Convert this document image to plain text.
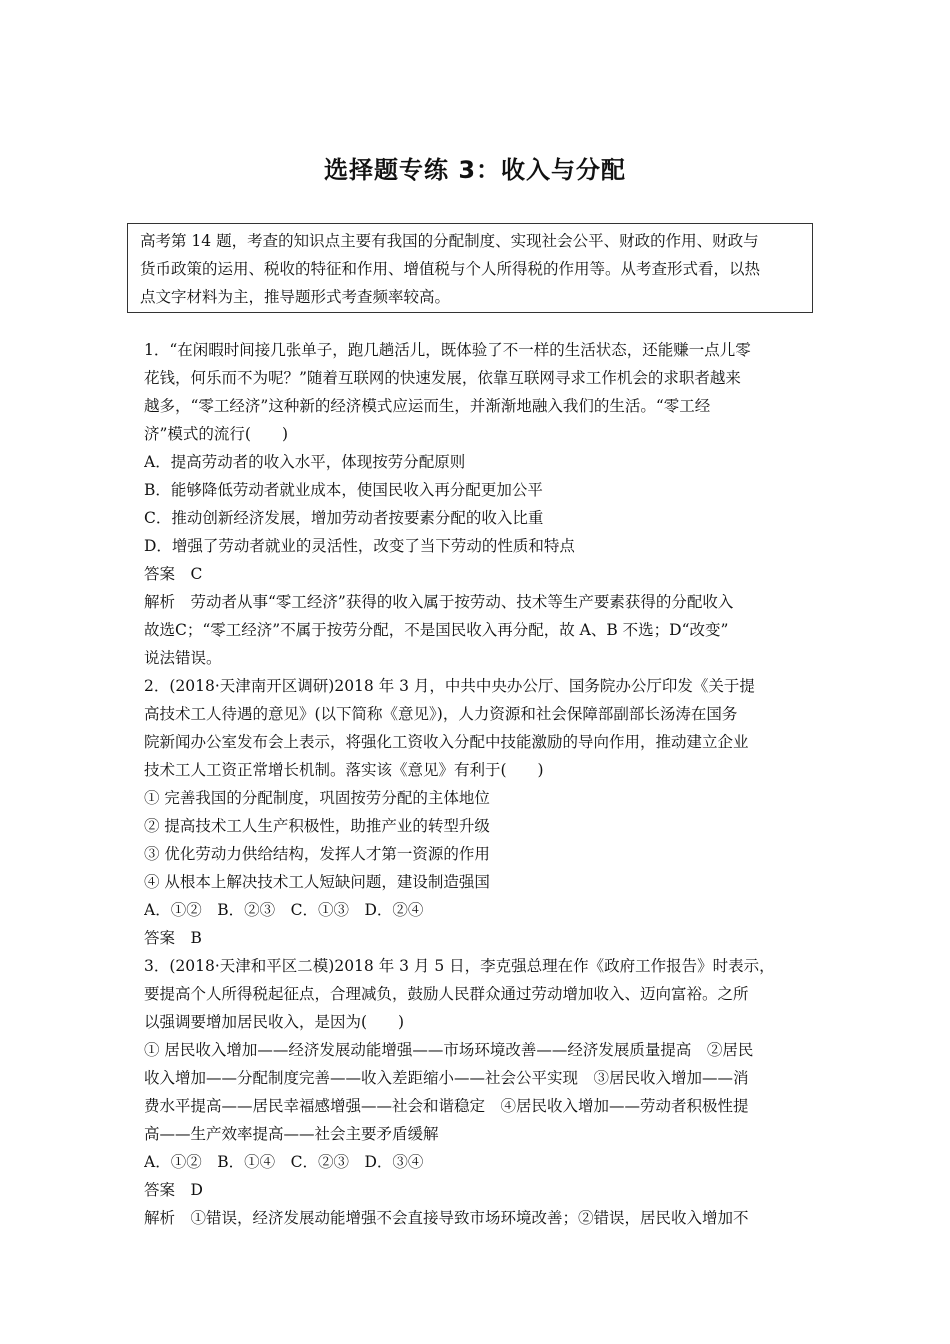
选择题专练 3：收入与分配
高考第 14 题，考查的知识点主要有我国的分配制度、实现社会公平、财政的作用、财政与
货币政策的运用、税收的特征和作用、增值税与个人所得税的作用等。从考查形式看，以热
点文字材料为主，推导题形式考查频率较高。
1．“在闲暇时间接几张单子，跑几趟活儿，既体验了不一样的生活状态，还能赚一点儿零
花钱，何乐而不为呢？”随着互联网的快速发展，依靠互联网寻求工作机会的求职者越来
越多，“零工经济”这种新的经济模式应运而生，并渐渐地融入我们的生活。“零工经
济”模式的流行(　　)
A．提高劳动者的收入水平，体现按劳分配原则
B．能够降低劳动者就业成本，使国民收入再分配更加公平
C．推动创新经济发展，增加劳动者按要素分配的收入比重
D．增强了劳动者就业的灵活性，改变了当下劳动的性质和特点
答案　C
解析　劳动者从事“零工经济”获得的收入属于按劳动、技术等生产要素获得的分配收入
故选C；“零工经济”不属于按劳分配，不是国民收入再分配，故 A、B 不选；D“改变”
说法错误。
2．(2018·天津南开区调研)2018 年 3 月，中共中央办公厅、国务院办公厅印发《关于提
高技术工人待遇的意见》(以下简称《意见》)，人力资源和社会保障部副部长汤涛在国务
院新闻办公室发布会上表示，将强化工资收入分配中技能激励的导向作用，推动建立企业
技术工人工资正常增长机制。落实该《意见》有利于(　　)
① 完善我国的分配制度，巩固按劳分配的主体地位
② 提高技术工人生产积极性，助推产业的转型升级
③ 优化劳动力供给结构，发挥人才第一资源的作用
④ 从根本上解决技术工人短缺问题，建设制造强国
A．①②　B．②③　C．①③　D．②④
答案　B
3．(2018·天津和平区二模)2018 年 3 月 5 日，李克强总理在作《政府工作报告》时表示，
要提高个人所得税起征点，合理减负，鼓励人民群众通过劳动增加收入、迈向富裕。之所
以强调要增加居民收入，是因为(　　)
① 居民收入增加——经济发展动能增强——市场环境改善——经济发展质量提高　②居民
收入增加——分配制度完善——收入差距缩小——社会公平实现　③居民收入增加——消
费水平提高——居民幸福感增强——社会和谐稳定　④居民收入增加——劳动者积极性提
高——生产效率提高——社会主要矛盾缓解
A．①②　B．①④　C．②③　D．③④
答案　D
解析　①错误，经济发展动能增强不会直接导致市场环境改善；②错误，居民收入增加不
